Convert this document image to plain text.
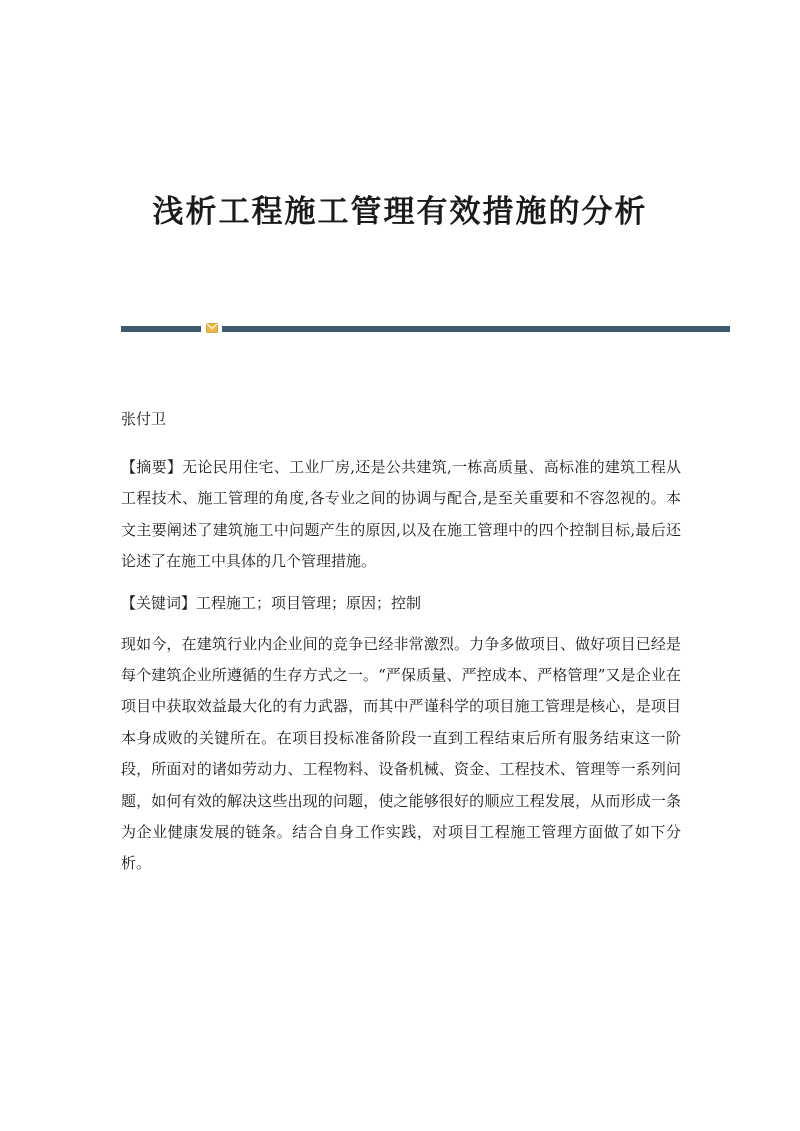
浅析工程施工管理有效措施的分析

张付卫

【摘要】无论民用住宅、工业厂房,还是公共建筑,一栋高质量、高标准的建筑工程从工程技术、施工管理的角度,各专业之间的协调与配合,是至关重要和不容忽视的。本文主要阐述了建筑施工中问题产生的原因,以及在施工管理中的四个控制目标,最后还论述了在施工中具体的几个管理措施。

【关键词】工程施工；项目管理；原因；控制

现如今，在建筑行业内企业间的竞争已经非常激烈。力争多做项目、做好项目已经是每个建筑企业所遵循的生存方式之一。“严保质量、严控成本、严格管理”又是企业在项目中获取效益最大化的有力武器，而其中严谨科学的项目施工管理是核心，是项目本身成败的关键所在。在项目投标准备阶段一直到工程结束后所有服务结束这一阶段，所面对的诸如劳动力、工程物料、设备机械、资金、工程技术、管理等一系列问题，如何有效的解决这些出现的问题，使之能够很好的顺应工程发展，从而形成一条为企业健康发展的链条。结合自身工作实践，对项目工程施工管理方面做了如下分析。
